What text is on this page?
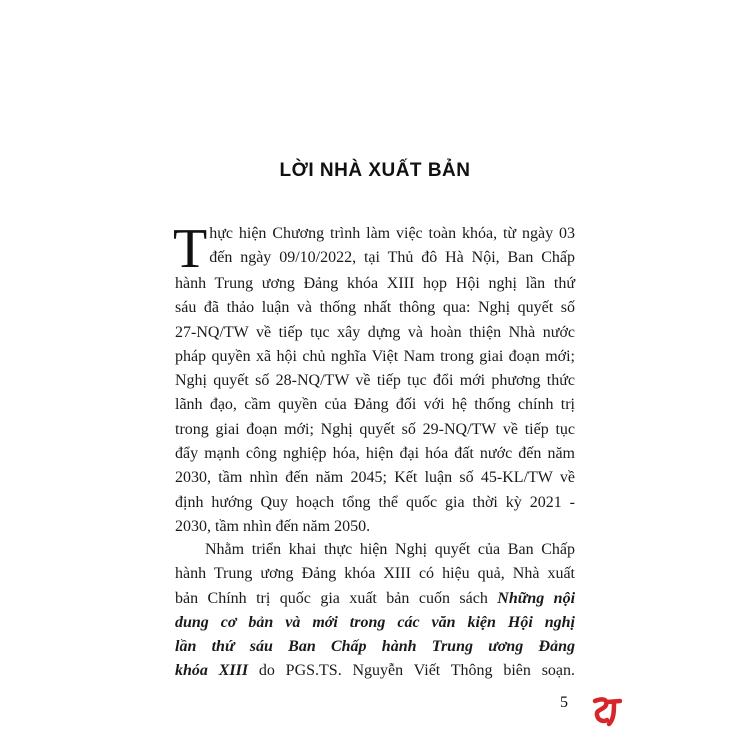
LỜI NHÀ XUẤT BẢN
T hực hiện Chương trình làm việc toàn khóa, từ ngày 03
đến ngày 09/10/2022, tại Thủ đô Hà Nội, Ban Chấp
hành Trung ương Đảng khóa XIII họp Hội nghị lần thứ
sáu đã thảo luận và thống nhất thông qua: Nghị quyết số
27-NQ/TW về tiếp tục xây dựng và hoàn thiện Nhà nước
pháp quyền xã hội chủ nghĩa Việt Nam trong giai đoạn mới;
Nghị quyết số 28-NQ/TW về tiếp tục đổi mới phương thức
lãnh đạo, cầm quyền của Đảng đối với hệ thống chính trị
trong giai đoạn mới; Nghị quyết số 29-NQ/TW về tiếp tục
đẩy mạnh công nghiệp hóa, hiện đại hóa đất nước đến năm
2030, tầm nhìn đến năm 2045; Kết luận số 45-KL/TW về
định hướng Quy hoạch tổng thể quốc gia thời kỳ 2021 -
2030, tầm nhìn đến năm 2050.
Nhằm triển khai thực hiện Nghị quyết của Ban Chấp
hành Trung ương Đảng khóa XIII có hiệu quả, Nhà xuất
bản Chính trị quốc gia xuất bản cuốn sách Những nội
dung cơ bản và mới trong các văn kiện Hội nghị
lần thứ sáu Ban Chấp hành Trung ương Đảng
khóa XIII do PGS.TS. Nguyễn Viết Thông biên soạn.
5
